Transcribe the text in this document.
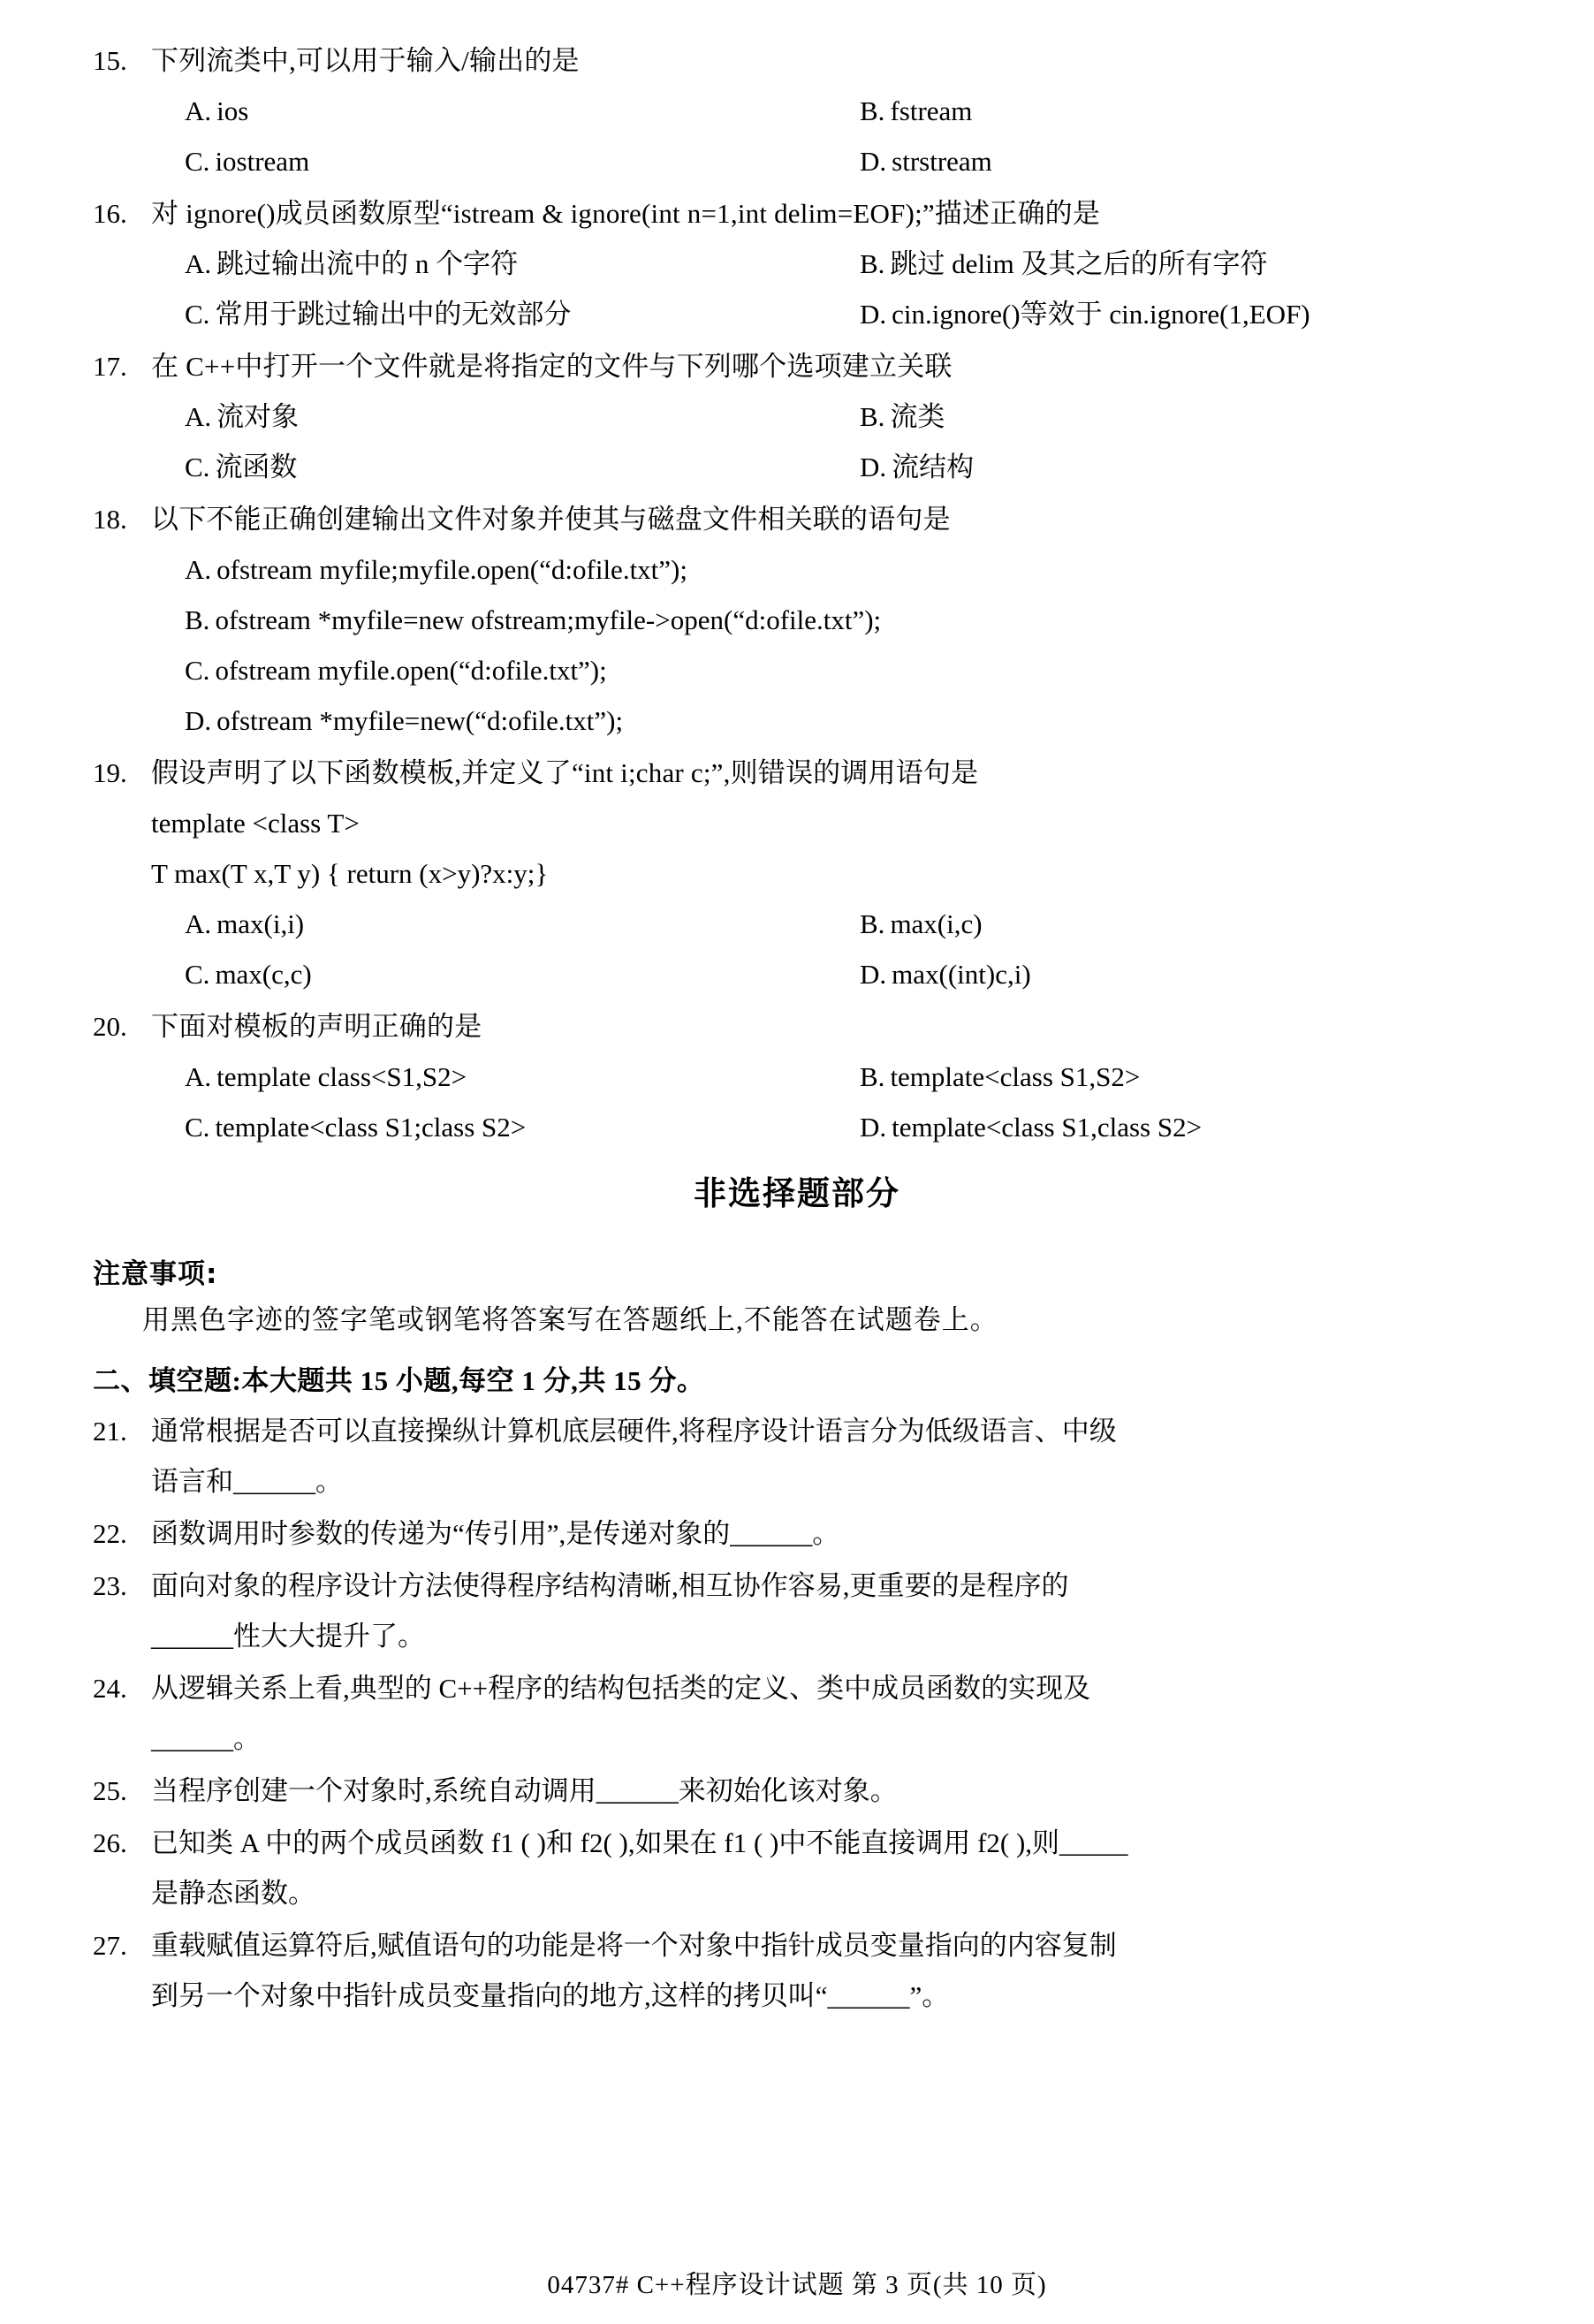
15. 下列流类中,可以用于输入/输出的是
A. ios	B. fstream
C. iostream	D. strstream
16. 对 ignore()成员函数原型“istream & ignore(int n=1,int delim=EOF);”描述正确的是
A. 跳过输出流中的 n 个字符	B. 跳过 delim 及其之后的所有字符
C. 常用于跳过输出中的无效部分	D. cin.ignore()等效于 cin.ignore(1,EOF)
17. 在 C++中打开一个文件就是将指定的文件与下列哪个选项建立关联
A. 流对象	B. 流类
C. 流函数	D. 流结构
18. 以下不能正确创建输出文件对象并使其与磁盘文件相关联的语句是
A. ofstream myfile;myfile.open(“d:ofile.txt”);
B. ofstream *myfile=new ofstream;myfile->open(“d:ofile.txt”);
C. ofstream myfile.open(“d:ofile.txt”);
D. ofstream *myfile=new(“d:ofile.txt”);
19. 假设声明了以下函数模板,并定义了“int i;char c;”,则错误的调用语句是
template <class T>
T max(T x,T y) { return (x>y)?x:y;}
A. max(i,i)	B. max(i,c)
C. max(c,c)	D. max((int)c,i)
20. 下面对模板的声明正确的是
A. template class<S1,S2>	B. template<class S1,S2>
C. template<class S1;class S2>	D. template<class S1,class S2>
非选择题部分
注意事项:
用黑色字迹的签字笔或钢笔将答案写在答题纸上,不能答在试题卷上。
二、填空题:本大题共 15 小题,每空 1 分,共 15 分。
21. 通常根据是否可以直接操纵计算机底层硬件,将程序设计语言分为低级语言、中级
语言和______。
22. 函数调用时参数的传递为“传引用”,是传递对象的______。
23. 面向对象的程序设计方法使得程序结构清晰,相互协作容易,更重要的是程序的
______性大大提升了。
24. 从逻辑关系上看,典型的 C++程序的结构包括类的定义、类中成员函数的实现及
______。
25. 当程序创建一个对象时,系统自动调用______来初始化该对象。
26. 已知类 A 中的两个成员函数 f1 ( )和 f2( ),如果在 f1 ( )中不能直接调用 f2( ),则_____
是静态函数。
27. 重载赋值运算符后,赋值语句的功能是将一个对象中指针成员变量指向的内容复制
到另一个对象中指针成员变量指向的地方,这样的拷贝叫“______”。
04737# C++程序设计试题 第 3 页(共 10 页)
